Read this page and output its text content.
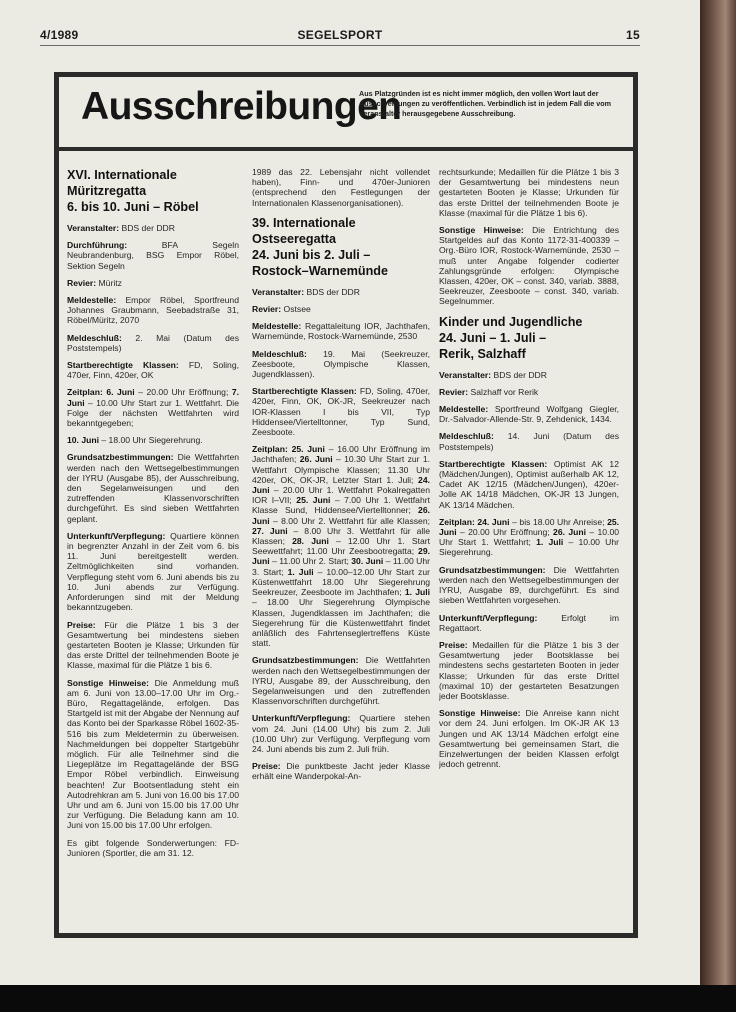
4/1989	SEGELSPORT	15
Ausschreibungen
Aus Platzgründen ist es nicht immer möglich, den vollen Wort laut der Ausschreibungen zu veröffentlichen. Verbindlich ist in jedem Fall die vom Veranstalter herausgegebene Ausschreibung.
XVI. Internationale
Müritzregatta
6. bis 10. Juni – Röbel

Veranstalter: BDS der DDR

Durchführung: BFA Segeln Neubrandenburg, BSG Empor Röbel, Sektion Segeln

Revier: Müritz

Meldestelle: Empor Röbel, Sportfreund Johannes Graubmann, Seebadstraße 31, Röbel/Müritz, 2070

Meldeschluß: 2. Mai (Datum des Poststempels)

Startberechtigte Klassen: FD, Soling, 470er, Finn, 420er, OK

Zeitplan: 6. Juni – 20.00 Uhr Eröffnung; 7. Juni – 10.00 Uhr Start zur 1. Wettfahrt. Die Folge der nächsten Wettfahrten wird bekanntgegeben;

10. Juni – 18.00 Uhr Siegerehrung.

Grundsatzbestimmungen: Die Wettfahrten werden nach den Wettsegelbestimmungen der IYRU (Ausgabe 85), der Ausschreibung, den Segelanweisungen und den zutreffenden Klassenvorschriften durchgeführt. Es sind sieben Wettfahrten geplant.

Unterkunft/Verpflegung: Quartiere können in begrenzter Anzahl in der Zeit vom 6. bis 11. Juni bereitgestellt werden. Zeltmöglichkeiten sind vorhanden. Verpflegung steht vom 6. Juni abends bis zu 10. Juni abends zur Verfügung. Anforderungen sind mit der Meldung bekanntzugeben.

Preise: Für die Plätze 1 bis 3 der Gesamtwertung bei mindestens sieben gestarteten Booten je Klasse; Urkunden für das erste Drittel der teilnehmenden Boote je Klasse, maximal für die Plätze 1 bis 6.

Sonstige Hinweise: Die Anmeldung muß am 6. Juni von 13.00–17.00 Uhr im Org.-Büro, Regattagelände, erfolgen. Das Startgeld ist mit der Abgabe der Nennung auf das Konto bei der Sparkasse Röbel 1602-35-516 bis zum Meldetermin zu überweisen. Nachmeldungen bei doppelter Startgebühr möglich. Für alle Teilnehmer sind die Liegeplätze im Regattagelände der BSG Empor Röbel verbindlich. Einweisung beachten! Zur Bootsentladung steht ein Autodrehkran am 5. Juni von 16.00 bis 17.00 Uhr und am 6. Juni von 15.00 bis 17.00 Uhr zur Verfügung. Die Beladung kann am 10. Juni von 15.00 bis 17.00 Uhr erfolgen.

Es gibt folgende Sonderwertungen: FD-Junioren (Sportler, die am 31. 12.

1989 das 22. Lebensjahr nicht vollendet haben), Finn- und 470er-Junioren (entsprechend den Festlegungen der Internationalen Klassenorganisationen).

39. Internationale
Ostseeregatta
24. Juni bis 2. Juli –
Rostock–Warnemünde

Veranstalter: BDS der DDR

Revier: Ostsee

Meldestelle: Regattaleitung IOR, Jachthafen, Warnemünde, Rostock-Warnemünde, 2530

Meldeschluß: 19. Mai (Seekreuzer, Zeesboote, Olympische Klassen, Jugendklassen).

Startberechtigte Klassen: FD, Soling, 470er, 420er, Finn, OK, OK-JR, Seekreuzer nach IOR-Klassen I bis VII, Typ Hiddensee/Viertelltonner, Typ Sund, Zeesboote.

Zeitplan: 25. Juni – 16.00 Uhr Eröffnung im Jachthafen; 26. Juni – 10.30 Uhr Start zur 1. Wettfahrt Olympische Klassen; 11.30 Uhr 420er, OK, OK-JR, Letzter Start 1. Juli; 24. Juni – 20.00 Uhr 1. Wettfahrt Pokalregatten IOR I–VII; 25. Juni – 7.00 Uhr 1. Wettfahrt Klasse Sund, Hiddensee/Viertelltonner; 26. Juni – 8.00 Uhr 2. Wettfahrt für alle Klassen; 27. Juni – 8.00 Uhr 3. Wettfahrt für alle Klassen; 28. Juni – 12.00 Uhr 1. Start Seewettfahrt; 11.00 Uhr Zeesbootregatta; 29. Juni – 11.00 Uhr 2. Start; 30. Juni – 11.00 Uhr 3. Start; 1. Juli – 10.00–12.00 Uhr Start zur Küstenwettfahrt 18.00 Uhr Siegerehrung Seekreuzer, Zeesboote im Jachthafen; 1. Juli – 18.00 Uhr Siegerehrung Olympische Klassen, Jugendklassen im Jachthafen; die Siegerehrung für die Küstenwettfahrt findet anläßlich des Fahrtenseglertreffens Küste statt.

Grundsatzbestimmungen: Die Wettfahrten werden nach den Wettsegelbestimmungen der IYRU, Ausgabe 89, der Ausschreibung, den Segelanweisungen und den zutreffenden Klassenvorschriften durchgeführt.

Unterkunft/Verpflegung: Quartiere stehen vom 24. Juni (14.00 Uhr) bis zum 2. Juli (10.00 Uhr) zur Verfügung. Verpflegung vom 24. Juni abends bis zum 2. Juli früh.

Preise: Die punktbeste Jacht jeder Klasse erhält eine Wanderpokal-An-

rechtsurkunde; Medaillen für die Plätze 1 bis 3 der Gesamtwertung bei mindestens neun gestarteten Booten je Klasse; Urkunden für das erste Drittel der teilnehmenden Boote je Klasse (maximal für die Plätze 1 bis 6).

Sonstige Hinweise: Die Entrichtung des Startgeldes auf das Konto 1172-31-400339 – Org.-Büro IOR, Rostock-Warnemünde, 2530 – muß unter Angabe folgender codierter Zahlungsgründe erfolgen: Olympische Klassen, 420er, OK – const. 340, variab. 3888, Seekreuzer, Zeesboote – const. 340, variab. Segelnummer.

Kinder und Jugendliche
24. Juni – 1. Juli –
Rerik, Salzhaff

Veranstalter: BDS der DDR

Revier: Salzhaff vor Rerik

Meldestelle: Sportfreund Wolfgang Giegler, Dr.-Salvador-Allende-Str. 9, Zehdenick, 1434.

Meldeschluß: 14. Juni (Datum des Poststempels)

Startberechtigte Klassen: Optimist AK 12 (Mädchen/Jungen), Optimist außerhalb AK 12, Cadet AK 12/15 (Mädchen/Jungen), 420er-Jolle AK 14/18 Mädchen, OK-JR 13 Jungen, AK 13/14 Mädchen.

Zeitplan: 24. Juni – bis 18.00 Uhr Anreise; 25. Juni – 20.00 Uhr Eröffnung; 26. Juni – 10.00 Uhr Start 1. Wettfahrt; 1. Juli – 10.00 Uhr Siegerehrung.

Grundsatzbestimmungen: Die Wettfahrten werden nach den Wettsegelbestimmungen der IYRU, Ausgabe 89, durchgeführt. Es sind sieben Wettfahrten vorgesehen.

Unterkunft/Verpflegung: Erfolgt im Regattaort.

Preise: Medaillen für die Plätze 1 bis 3 der Gesamtwertung jeder Bootsklasse bei mindestens sechs gestarteten Booten in jeder Klasse; Urkunden für das erste Drittel (maximal 10) der gestarteten Besatzungen jeder Bootsklasse.

Sonstige Hinweise: Die Anreise kann nicht vor dem 24. Juni erfolgen. Im OK-JR AK 13 Jungen und AK 13/14 Mädchen erfolgt eine Gesamtwertung bei gemeinsamen Start, die Einzelwertungen der beiden Klassen erfolgt jedoch getrennt.
